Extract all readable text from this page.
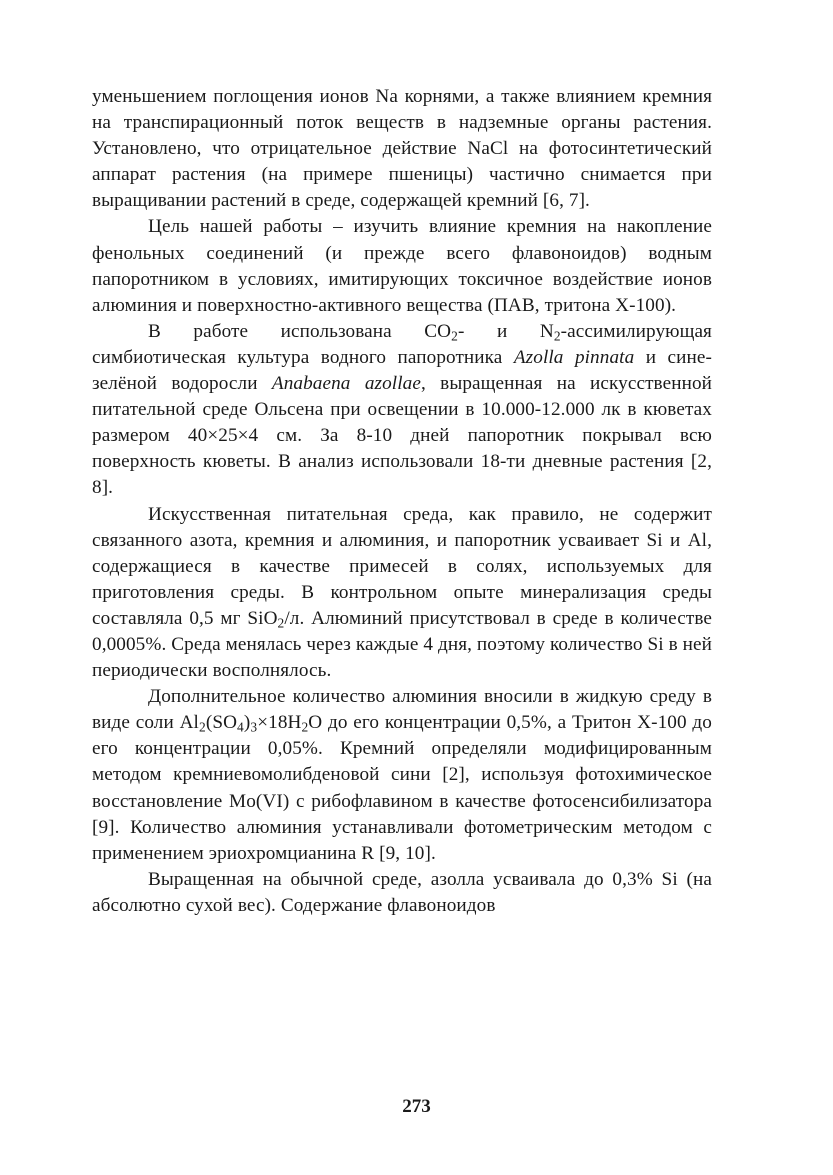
уменьшением поглощения ионов Na корнями, а также влиянием кремния на транспирационный поток веществ в надземные органы растения. Установлено, что отрицательное действие NaCl на фотосинтетический аппарат растения (на примере пшеницы) частично снимается при выращивании растений в среде, содержащей кремний [6, 7].

Цель нашей работы – изучить влияние кремния на накопление фенольных соединений (и прежде всего флавоноидов) водным папоротником в условиях, имитирующих токсичное воздействие ионов алюминия и поверхностно-активного вещества (ПАВ, тритона Х-100).

В работе использована $СО_2-$ и $N_2$-ассимилирующая симбиотическая культура водного папоротника Azolla pinnata и сине-зелёной водоросли Anabaena azollae, выращенная на искусственной питательной среде Ольсена при освещении в 10.000-12.000 лк в кюветах размером 40×25×4 см. За 8-10 дней папоротник покрывал всю поверхность кюветы. В анализ использовали 18-ти дневные растения [2, 8].

Искусственная питательная среда, как правило, не содержит связанного азота, кремния и алюминия, и папоротник усваивает Si и Al, содержащиеся в качестве примесей в солях, используемых для приготовления среды. В контрольном опыте минерализация среды составляла 0,5 мг SiO$_2$/л. Алюминий присутствовал в среде в количестве 0,0005%. Среда менялась через каждые 4 дня, поэтому количество Si в ней периодически восполнялось.

Дополнительное количество алюминия вносили в жидкую среду в виде соли $Al_2(SO_4)_3\times 18H_2O$ до его концентрации 0,5%, а Тритон Х-100 до его концентрации 0,05%. Кремний определяли модифицированным методом кремниевомолибденовой сини [2], используя фотохимическое восстановление Mo(VI) с рибофлавином в качестве фотосенсибилизатора [9]. Количество алюминия устанавливали фотометрическим методом с применением эриохромцианина R [9, 10].

Выращенная на обычной среде, азолла усваивала до 0,3% Si (на абсолютно сухой вес). Содержание флавоноидов

273
